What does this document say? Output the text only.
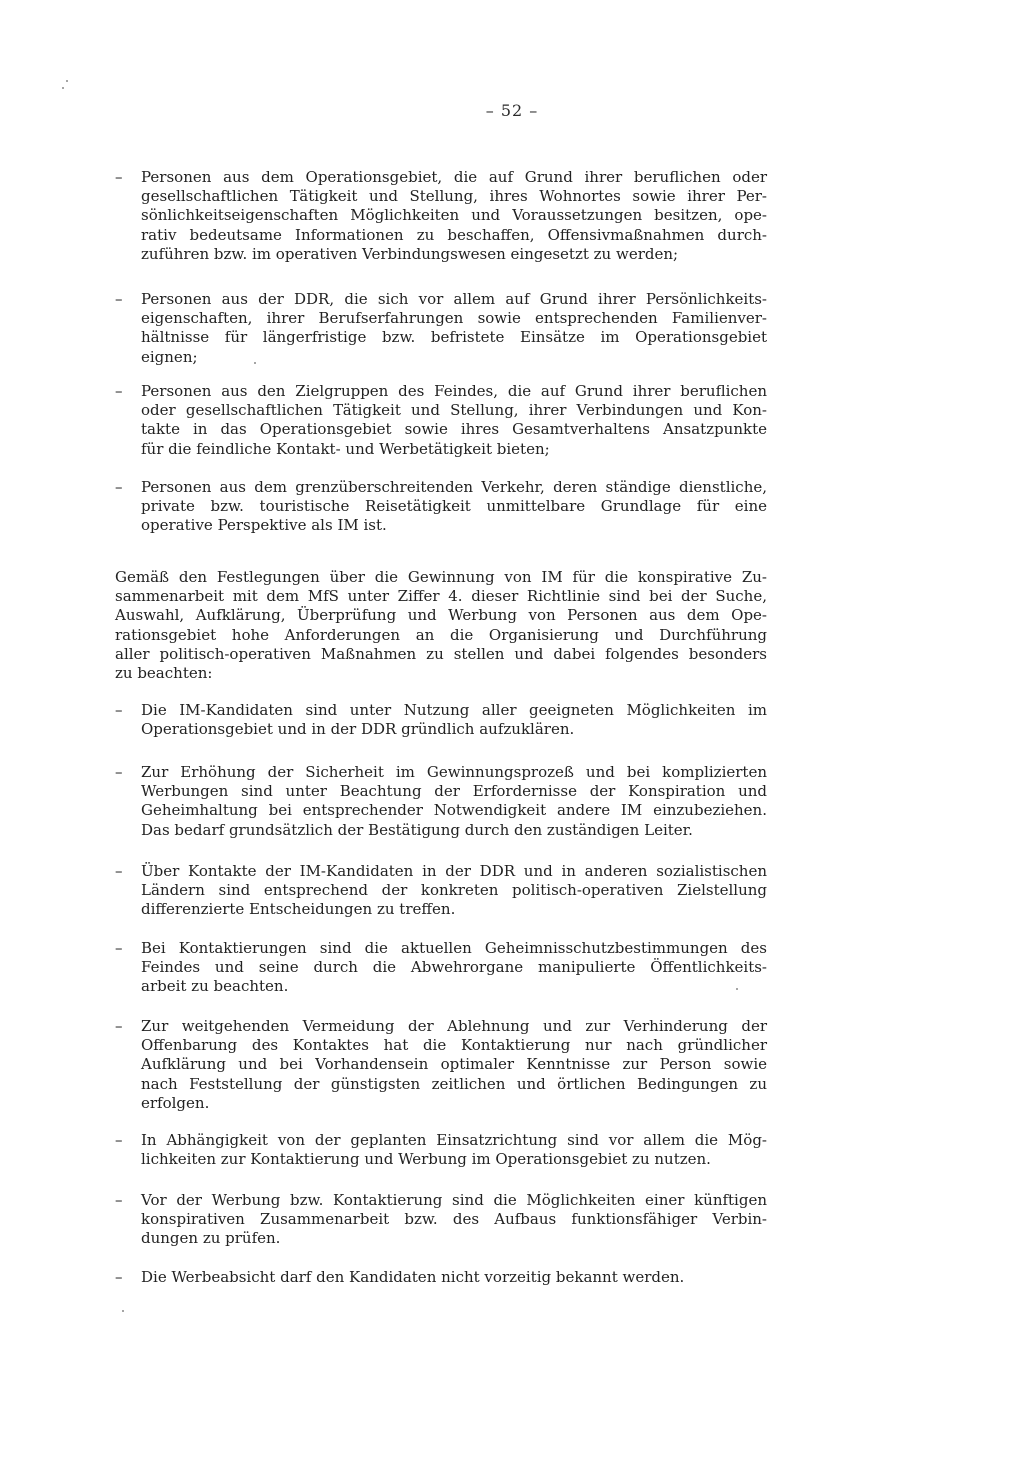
– 52 –
– Personen aus dem Operationsgebiet, die auf Grund ihrer beruflichen oder
gesellschaftlichen Tätigkeit und Stellung, ihres Wohnortes sowie ihrer Per-
sönlichkeitseigenschaften Möglichkeiten und Voraussetzungen besitzen, ope-
rativ bedeutsame Informationen zu beschaffen, Offensivmaßnahmen durch-
zuführen bzw. im operativen Verbindungswesen eingesetzt zu werden;
– Personen aus der DDR, die sich vor allem auf Grund ihrer Persönlichkeits-
eigenschaften, ihrer Berufserfahrungen sowie entsprechenden Familienver-
hältnisse für längerfristige bzw. befristete Einsätze im Operationsgebiet
eignen;
– Personen aus den Zielgruppen des Feindes, die auf Grund ihrer beruflichen
oder gesellschaftlichen Tätigkeit und Stellung, ihrer Verbindungen und Kon-
takte in das Operationsgebiet sowie ihres Gesamtverhaltens Ansatzpunkte
für die feindliche Kontakt- und Werbetätigkeit bieten;
– Personen aus dem grenzüberschreitenden Verkehr, deren ständige dienstliche,
private bzw. touristische Reisetätigkeit unmittelbare Grundlage für eine
operative Perspektive als IM ist.
Gemäß den Festlegungen über die Gewinnung von IM für die konspirative Zu-
sammenarbeit mit dem MfS unter Ziffer 4. dieser Richtlinie sind bei der Suche,
Auswahl, Aufklärung, Überprüfung und Werbung von Personen aus dem Ope-
rationsgebiet hohe Anforderungen an die Organisierung und Durchführung
aller politisch-operativen Maßnahmen zu stellen und dabei folgendes besonders
zu beachten:
– Die IM-Kandidaten sind unter Nutzung aller geeigneten Möglichkeiten im
Operationsgebiet und in der DDR gründlich aufzuklären.
– Zur Erhöhung der Sicherheit im Gewinnungsprozeß und bei komplizierten
Werbungen sind unter Beachtung der Erfordernisse der Konspiration und
Geheimhaltung bei entsprechender Notwendigkeit andere IM einzubeziehen.
Das bedarf grundsätzlich der Bestätigung durch den zuständigen Leiter.
– Über Kontakte der IM-Kandidaten in der DDR und in anderen sozialistischen
Ländern sind entsprechend der konkreten politisch-operativen Zielstellung
differenzierte Entscheidungen zu treffen.
– Bei Kontaktierungen sind die aktuellen Geheimnisschutzbestimmungen des
Feindes und seine durch die Abwehrorgane manipulierte Öffentlichkeits-
arbeit zu beachten.
– Zur weitgehenden Vermeidung der Ablehnung und zur Verhinderung der
Offenbarung des Kontaktes hat die Kontaktierung nur nach gründlicher
Aufklärung und bei Vorhandensein optimaler Kenntnisse zur Person sowie
nach Feststellung der günstigsten zeitlichen und örtlichen Bedingungen zu
erfolgen.
– In Abhängigkeit von der geplanten Einsatzrichtung sind vor allem die Mög-
lichkeiten zur Kontaktierung und Werbung im Operationsgebiet zu nutzen.
– Vor der Werbung bzw. Kontaktierung sind die Möglichkeiten einer künftigen
konspirativen Zusammenarbeit bzw. des Aufbaus funktionsfähiger Verbin-
dungen zu prüfen.
– Die Werbeabsicht darf den Kandidaten nicht vorzeitig bekannt werden.
